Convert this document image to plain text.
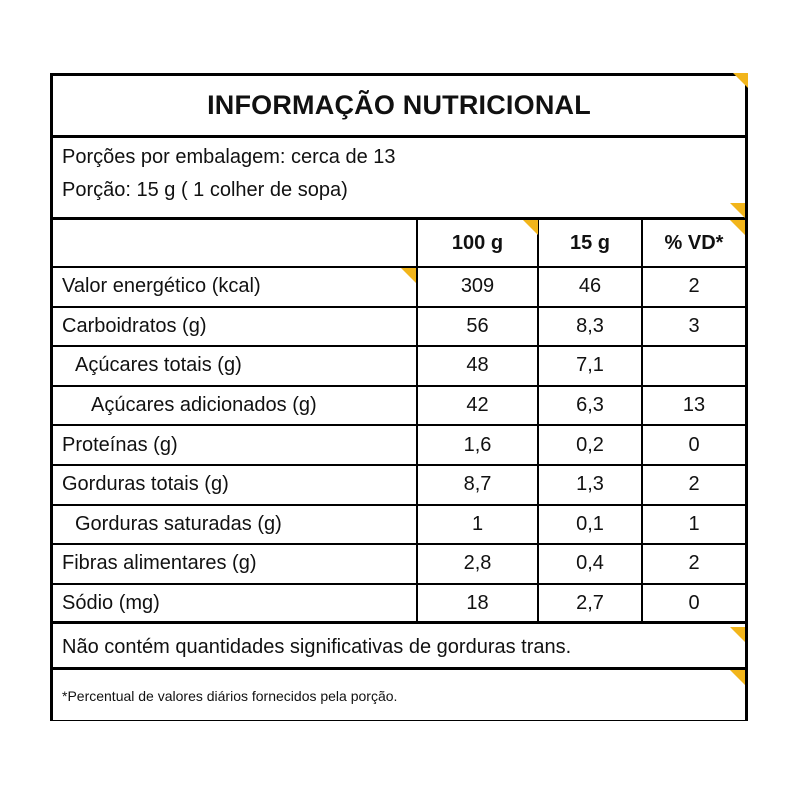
INFORMAÇÃO NUTRICIONAL
Porções por embalagem: cerca de 13
Porção: 15 g ( 1 colher de sopa)
100 g	15 g	% VD*
Valor energético (kcal)	309	46	2
Carboidratos (g)	56	8,3	3
Açúcares totais (g)	48	7,1
Açúcares adicionados (g)	42	6,3	13
Proteínas (g)	1,6	0,2	0
Gorduras totais (g)	8,7	1,3	2
Gorduras saturadas (g)	1	0,1	1
Fibras alimentares (g)	2,8	0,4	2
Sódio (mg)	18	2,7	0
Não contém quantidades significativas de gorduras trans.
*Percentual de valores diários fornecidos pela porção.
